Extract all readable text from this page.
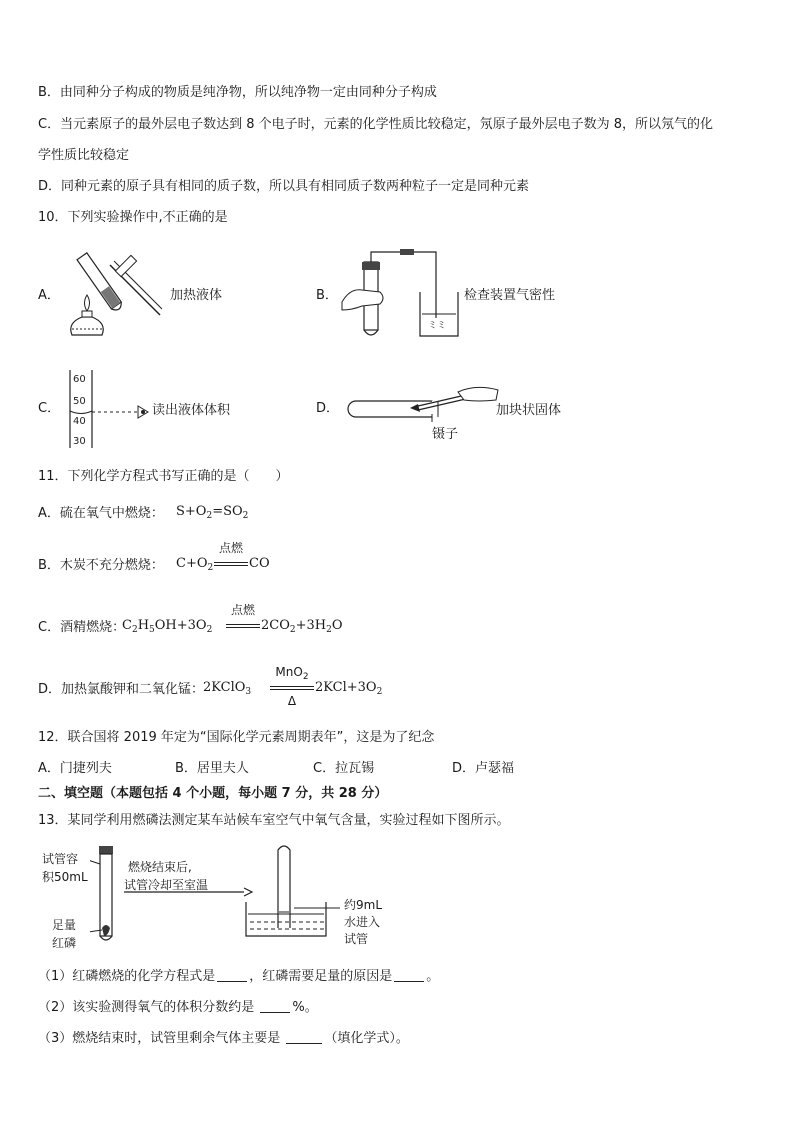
B．由同种分子构成的物质是纯净物，所以纯净物一定由同种分子构成
C．当元素原子的最外层电子数达到 8 个电子时，元素的化学性质比较稳定，氖原子最外层电子数为 8，所以氖气的化
学性质比较稳定
D．同种元素的原子具有相同的质子数，所以具有相同质子数两种粒子一定是同种元素
10．下列实验操作中,不正确的是
A．	加热液体	B．
ミミ
检查装置气密性
C．
60
50
40
30
读出液体体积	D．	加块状固体
镊子
11．下列化学方程式书写正确的是（　　）
A．硫在氧气中燃烧： $S+O_2=SO_2$
B．木炭不充分燃烧： $C+O_2$
点燃
CO
C．酒精燃烧：
$C_2H_5OH+3O_2$
点燃
$2CO_2+3H_2O$
D．加热氯酸钾和二氧化锰：
2KClO$_3$
MnO$_2$
Δ
$2KCl+3O_2$
12．联合国将 2019 年定为“国际化学元素周期表年”，这是为了纪念
A．门捷列夫	B．居里夫人	C．拉瓦锡	D．卢瑟福
二、填空题（本题包括 4 个小题，每小题 7 分，共 28 分）
13．某同学利用燃磷法测定某车站候车室空气中氧气含量，实验过程如下图所示。
试管容
积50mL
足量
红磷
燃烧结束后,
试管冷却至室温
约9mL
水进入
试管
（1）红磷燃烧的化学方程式是	，红磷需要足量的原因是	。
（2）该实验测得氧气的体积分数约是	%。
（3）燃烧结束时，试管里剩余气体主要是	（填化学式）。
